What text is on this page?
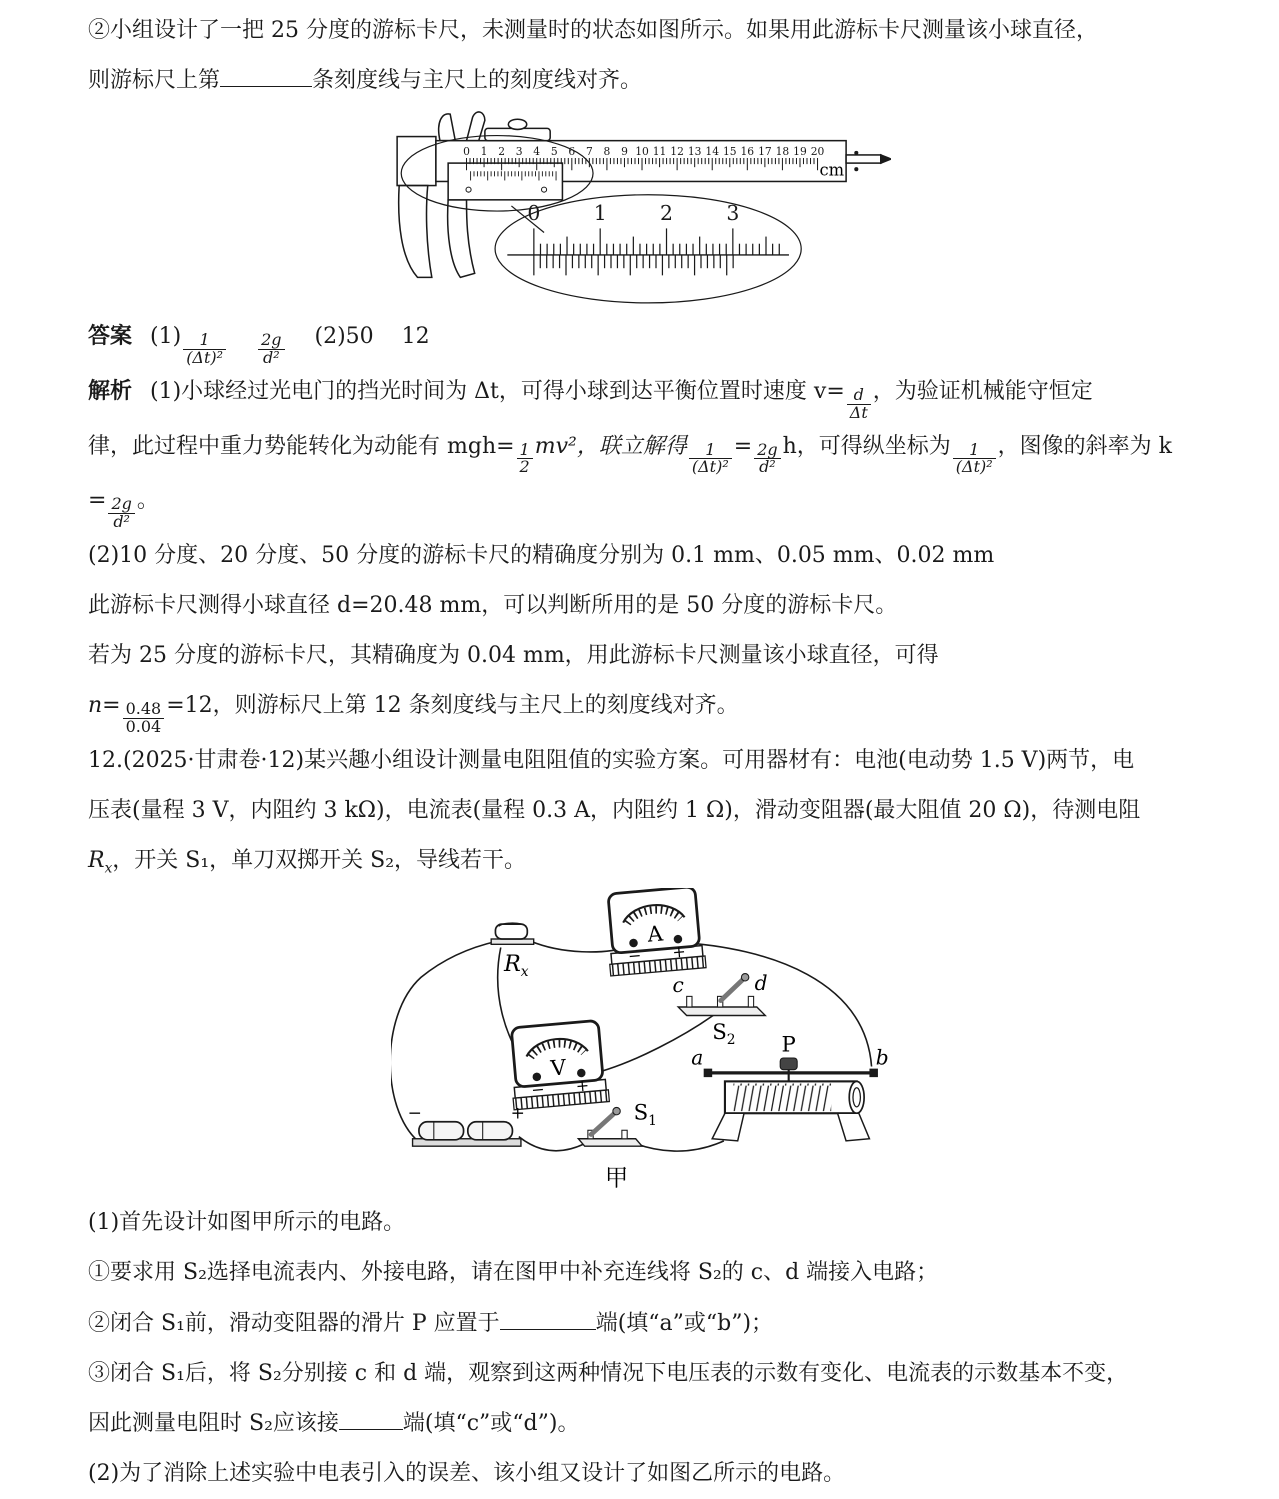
②小组设计了一把 25 分度的游标卡尺，未测量时的状态如图所示。如果用此游标卡尺测量该小球直径，

则游标尺上第	条刻度线与主尺上的刻度线对齐。

0 1 2 3 4 5 6 7 8 9 10 11 12 13 14 15 16 17 18 19 20
cm
0	1	2	3

答案 $(1) \frac{1}{\text{(Δt)²}} \frac{2g}{\text{d²}} (2)50$ 12

解析 (1)小球经过光电门的挡光时间为 Δt，可得小球到达平衡位置时速度 $v= \frac{d}{\Delta t}$ ，为验证机械能守恒定

律，此过程中重力势能转化为动能有 $mgh= \frac{1}{2} mv^2$，联立解得 $\frac{1}{\text{(Δt)²}} = \frac{2g}{\text{d²}}$ h，可得纵坐标为 $\frac{1}{\text{(Δt)²}}$ ，图像的斜率为 k

= $\frac{2g}{\text{d²}}$ 。

(2)10 分度、20 分度、50 分度的游标卡尺的精确度分别为 0.1 mm、0.05 mm、0.02 mm

此游标卡尺测得小球直径 d=20.48 mm，可以判断所用的是 50 分度的游标卡尺。

若为 25 分度的游标卡尺，其精确度为 0.04 mm，用此游标卡尺测量该小球直径，可得

$n= \frac{0.48}{0.04} =12$，则游标尺上第 12 条刻度线与主尺上的刻度线对齐。

12.(2025·甘肃卷·12)某兴趣小组设计测量电阻阻值的实验方案。可用器材有：电池(电动势 1.5 V)两节，电

压表(量程 3 V，内阻约 3 kΩ)，电流表(量程 0.3 A，内阻约 1 Ω)，滑动变阻器(最大阻值 20 Ω)，待测电阻

$R_x$，开关 S₁，单刀双掷开关 S₂，导线若干。

A
− +
V
− +
$R_x$
c	d
$S_2$
a	b
P
−	+	$S_1$
甲

(1)首先设计如图甲所示的电路。

①要求用 S₂选择电流表内、外接电路，请在图甲中补充连线将 S₂的 c、d 端接入电路；

②闭合 S₁前，滑动变阻器的滑片 P 应置于	端(填“a”或“b”)；

③闭合 S₁后，将 S₂分别接 c 和 d 端，观察到这两种情况下电压表的示数有变化、电流表的示数基本不变，

因此测量电阻时 S₂应该接	端(填“c”或“d”)。

(2)为了消除上述实验中电表引入的误差、该小组又设计了如图乙所示的电路。
